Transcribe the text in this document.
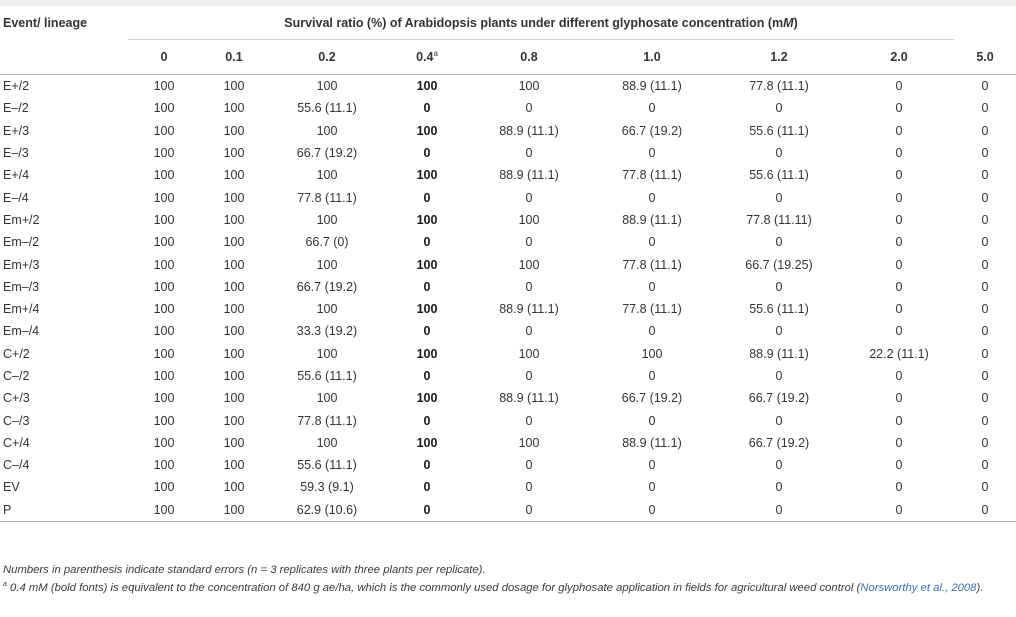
Event/ lineage	Survival ratio (%) of Arabidopsis plants under different glyphosate concentration (mM)								
	0	0.1	0.2	0.4$^a$	0.8	1.0	1.2	2.0	5.0
E+/2	100	100	100	100	100	88.9 (11.1)	77.8 (11.1)	0	0
E–/2	100	100	55.6 (11.1)	0	0	0	0	0	0
E+/3	100	100	100	100	88.9 (11.1)	66.7 (19.2)	55.6 (11.1)	0	0
E–/3	100	100	66.7 (19.2)	0	0	0	0	0	0
E+/4	100	100	100	100	88.9 (11.1)	77.8 (11.1)	55.6 (11.1)	0	0
E–/4	100	100	77.8 (11.1)	0	0	0	0	0	0
Em+/2	100	100	100	100	100	88.9 (11.1)	77.8 (11.11)	0	0
Em–/2	100	100	66.7 (0)	0	0	0	0	0	0
Em+/3	100	100	100	100	100	77.8 (11.1)	66.7 (19.25)	0	0
Em–/3	100	100	66.7 (19.2)	0	0	0	0	0	0
Em+/4	100	100	100	100	88.9 (11.1)	77.8 (11.1)	55.6 (11.1)	0	0
Em–/4	100	100	33.3 (19.2)	0	0	0	0	0	0
C+/2	100	100	100	100	100	100	88.9 (11.1)	22.2 (11.1)	0
C–/2	100	100	55.6 (11.1)	0	0	0	0	0	0
C+/3	100	100	100	100	88.9 (11.1)	66.7 (19.2)	66.7 (19.2)	0	0
C–/3	100	100	77.8 (11.1)	0	0	0	0	0	0
C+/4	100	100	100	100	100	88.9 (11.1)	66.7 (19.2)	0	0
C–/4	100	100	55.6 (11.1)	0	0	0	0	0	0
EV	100	100	59.3 (9.1)	0	0	0	0	0	0
P	100	100	62.9 (10.6)	0	0	0	0	0	0
Numbers in parenthesis indicate standard errors (n = 3 replicates with three plants per replicate).
$^a$ 0.4 mM (bold fonts) is equivalent to the concentration of 840 g ae/ha, which is the commonly used dosage for glyphosate application in fields for agricultural weed control (Norsworthy et al., 2008).
